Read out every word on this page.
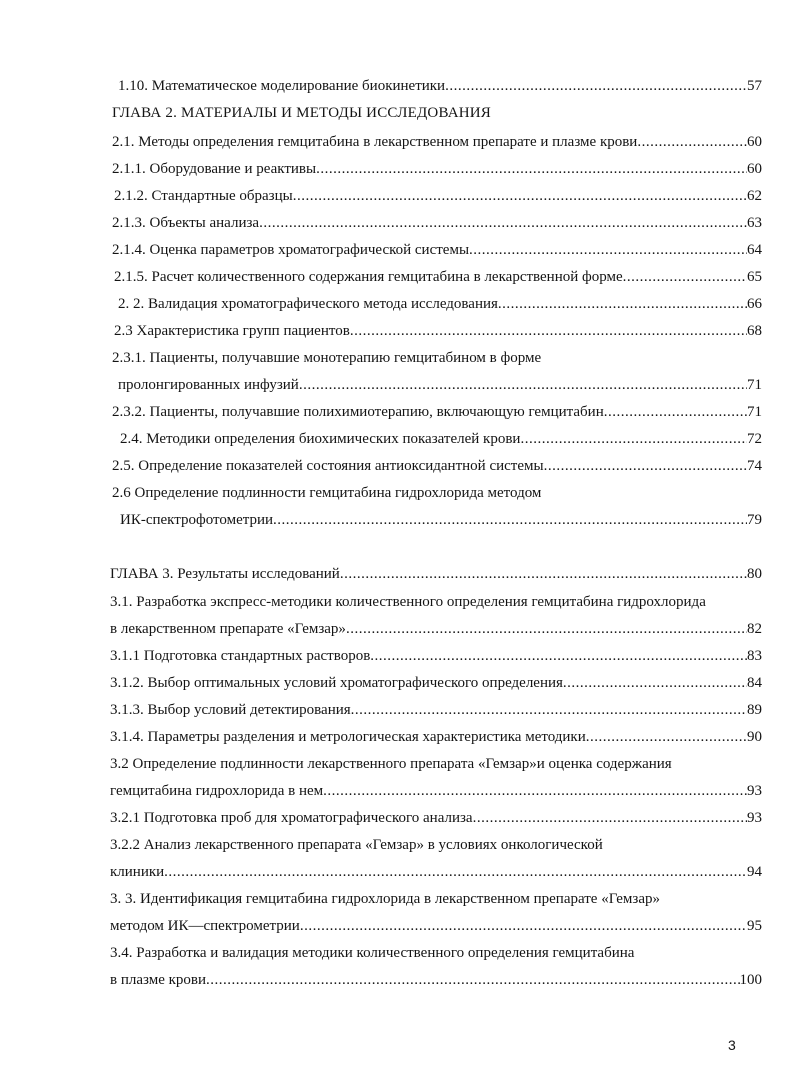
1.10. Математическое моделирование биокинетики .....	57
ГЛАВА 2. МАТЕРИАЛЫ И МЕТОДЫ ИССЛЕДОВАНИЯ
2.1. Методы определения гемцитабина в лекарственном препарате и плазме крови .....	60
2.1.1. Оборудование и реактивы .....	60
2.1.2. Стандартные образцы .....	62
2.1.3. Объекты анализа .....	63
2.1.4. Оценка параметров хроматографической системы .....	64
2.1.5. Расчет количественного содержания гемцитабина в лекарственной форме .....	65
2. 2. Валидация хроматографического метода исследования .....	66
2.3 Характеристика групп пациентов .....	68
2.3.1. Пациенты, получавшие монотерапию гемцитабином в форме
пролонгированных инфузий .....	71
2.3.2. Пациенты, получавшие полихимиотерапию, включающую гемцитабин .....	71
2.4. Методики определения биохимических показателей крови .....	72
2.5. Определение показателей состояния антиоксидантной системы .....	74
2.6 Определение подлинности гемцитабина гидрохлорида методом
ИК-спектрофотометрии .....	79
ГЛАВА 3. Результаты исследований .....	80
3.1. Разработка экспресс-методики количественного определения гемцитабина гидрохлорида
в лекарственном препарате «Гемзар» .....	82
3.1.1 Подготовка стандартных растворов .....	83
3.1.2. Выбор оптимальных условий хроматографического определения .....	84
3.1.3. Выбор условий детектирования .....	89
3.1.4. Параметры разделения и метрологическая характеристика методики .....	90
3.2 Определение подлинности лекарственного препарата «Гемзар»и оценка содержания
гемцитабина гидрохлорида в нем .....	93
3.2.1 Подготовка проб для хроматографического анализа .....	93
3.2.2 Анализ лекарственного препарата «Гемзар» в условиях онкологической
клиники .....	94
3. 3. Идентификация гемцитабина гидрохлорида в лекарственном препарате «Гемзар»
методом ИК—спектрометрии .....	95
3.4. Разработка и валидация методики количественного определения гемцитабина
в плазме крови .....	100
3
